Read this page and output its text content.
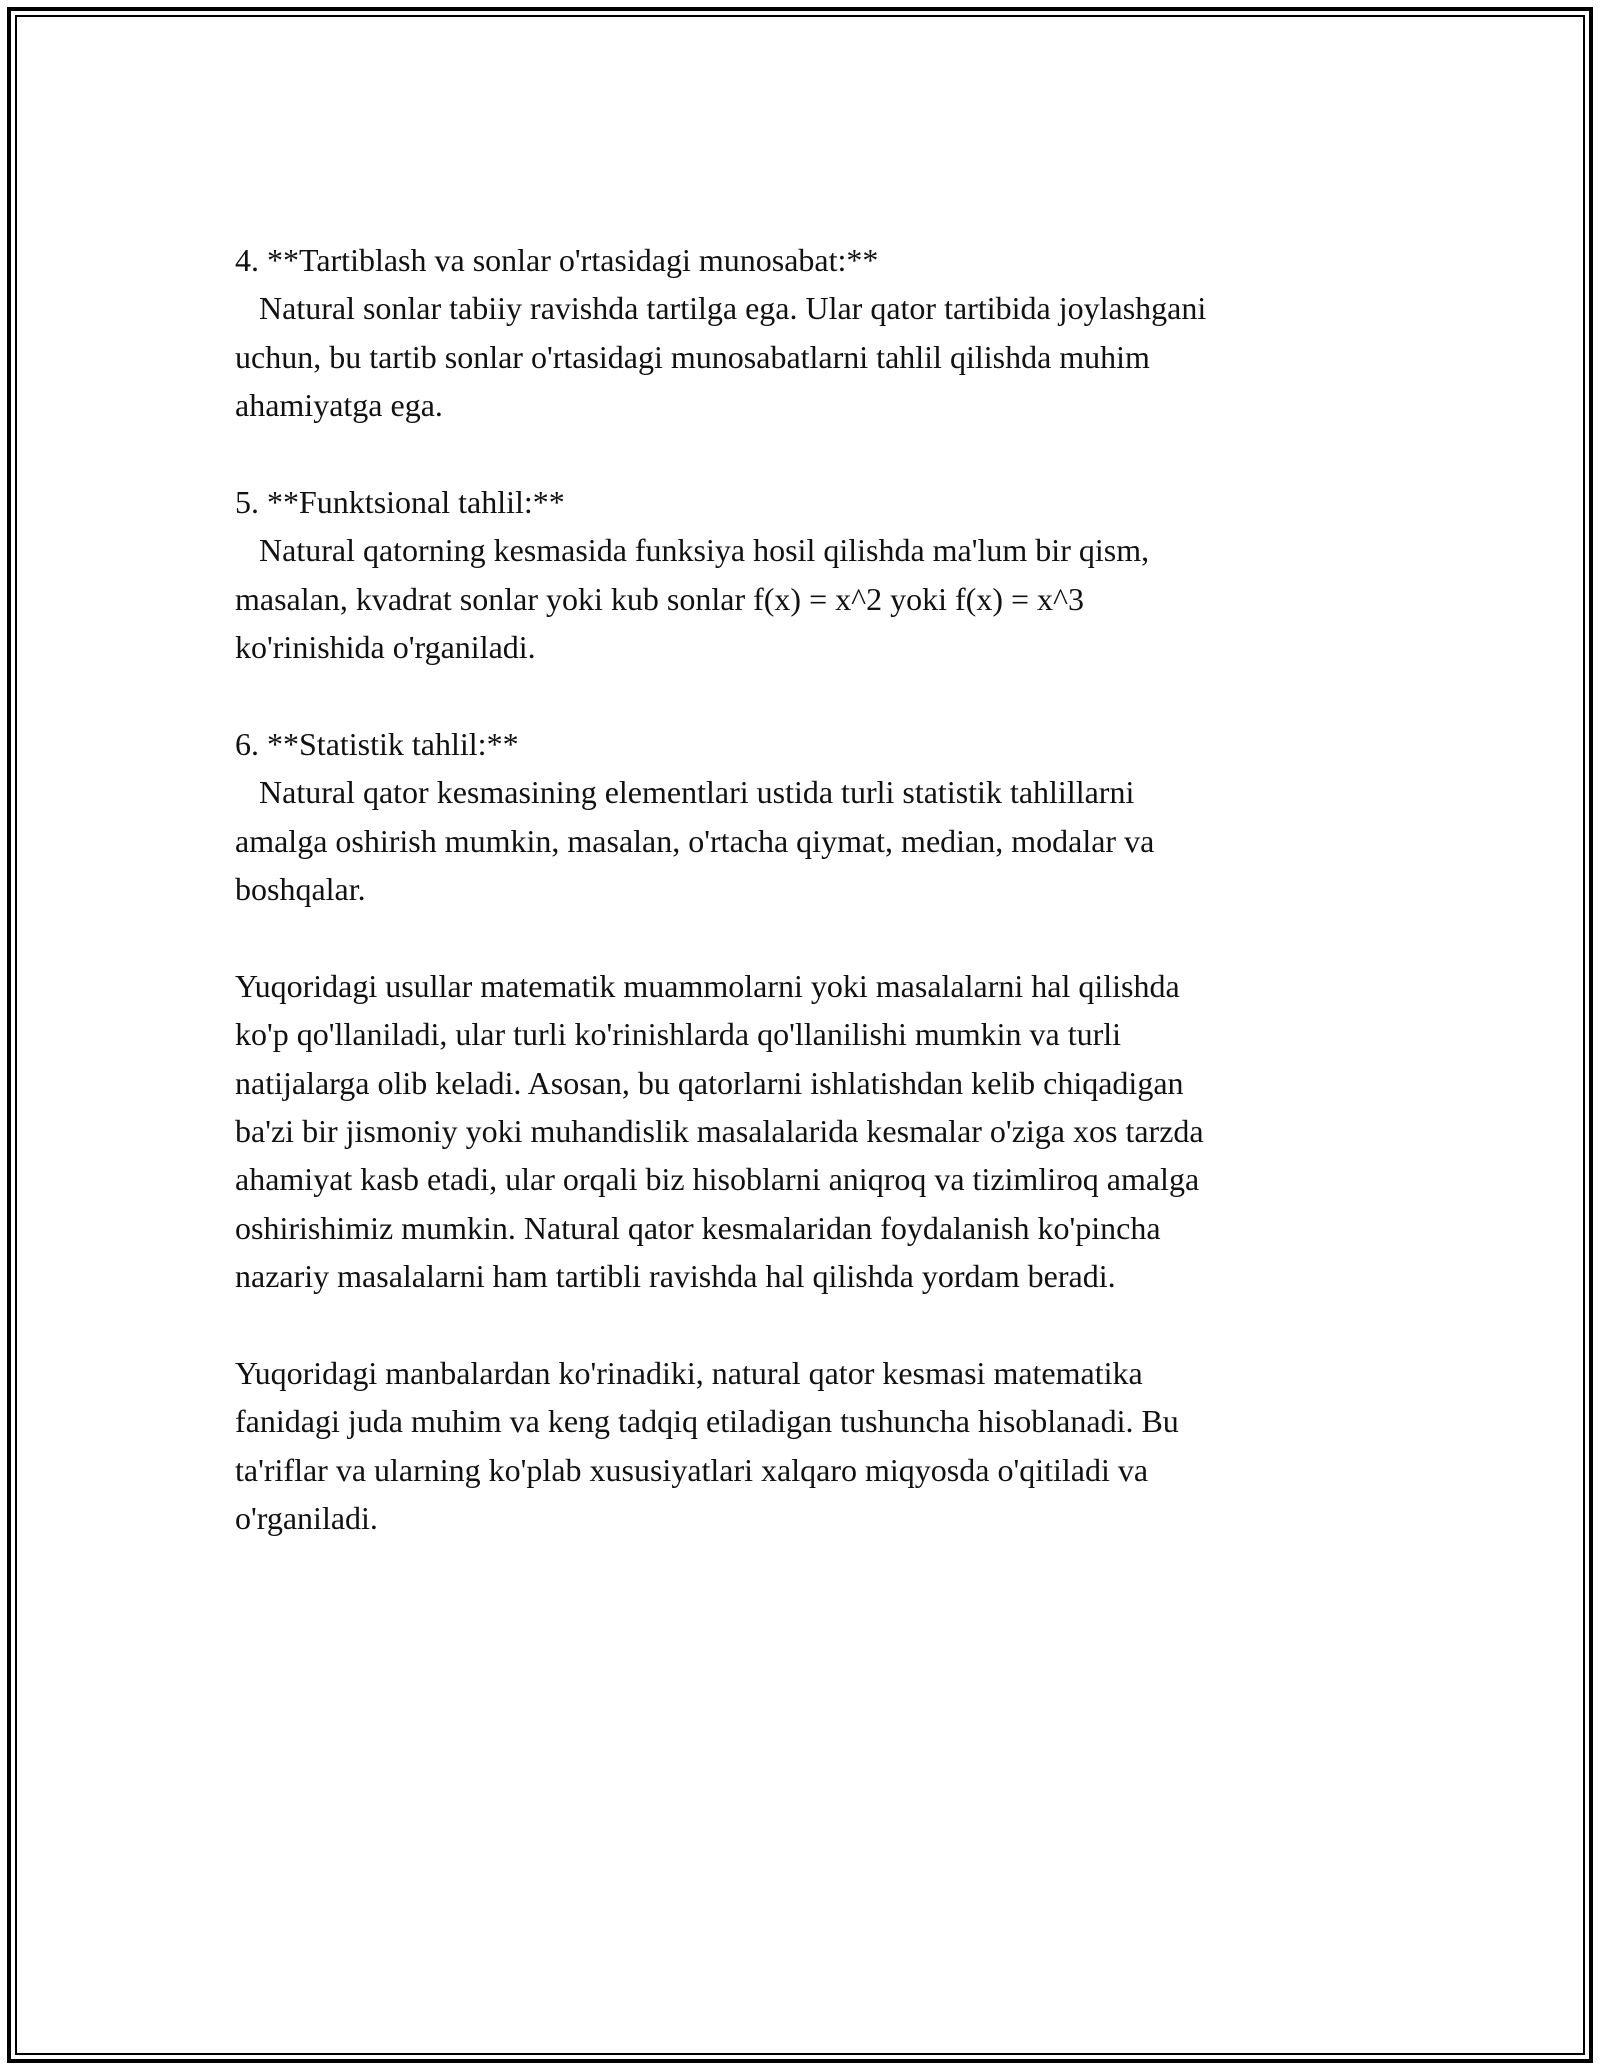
4. **Tartiblash va sonlar o'rtasidagi munosabat:**

Natural sonlar tabiiy ravishda tartilga ega. Ular qator tartibida joylashgani

uchun, bu tartib sonlar o'rtasidagi munosabatlarni tahlil qilishda muhim

ahamiyatga ega.

5. **Funktsional tahlil:**

Natural qatorning kesmasida funksiya hosil qilishda ma'lum bir qism,

masalan, kvadrat sonlar yoki kub sonlar f(x) = x^2 yoki f(x) = x^3

ko'rinishida o'rganiladi.

6. **Statistik tahlil:**

Natural qator kesmasining elementlari ustida turli statistik tahlillarni

amalga oshirish mumkin, masalan, o'rtacha qiymat, median, modalar va

boshqalar.

Yuqoridagi usullar matematik muammolarni yoki masalalarni hal qilishda

ko'p qo'llaniladi, ular turli ko'rinishlarda qo'llanilishi mumkin va turli

natijalarga olib keladi. Asosan, bu qatorlarni ishlatishdan kelib chiqadigan

ba'zi bir jismoniy yoki muhandislik masalalarida kesmalar o'ziga xos tarzda

ahamiyat kasb etadi, ular orqali biz hisoblarni aniqroq va tizimliroq amalga

oshirishimiz mumkin. Natural qator kesmalaridan foydalanish ko'pincha

nazariy masalalarni ham tartibli ravishda hal qilishda yordam beradi.

Yuqoridagi manbalardan ko'rinadiki, natural qator kesmasi matematika

fanidagi juda muhim va keng tadqiq etiladigan tushuncha hisoblanadi. Bu

ta'riflar va ularning ko'plab xususiyatlari xalqaro miqyosda o'qitiladi va

o'rganiladi.
